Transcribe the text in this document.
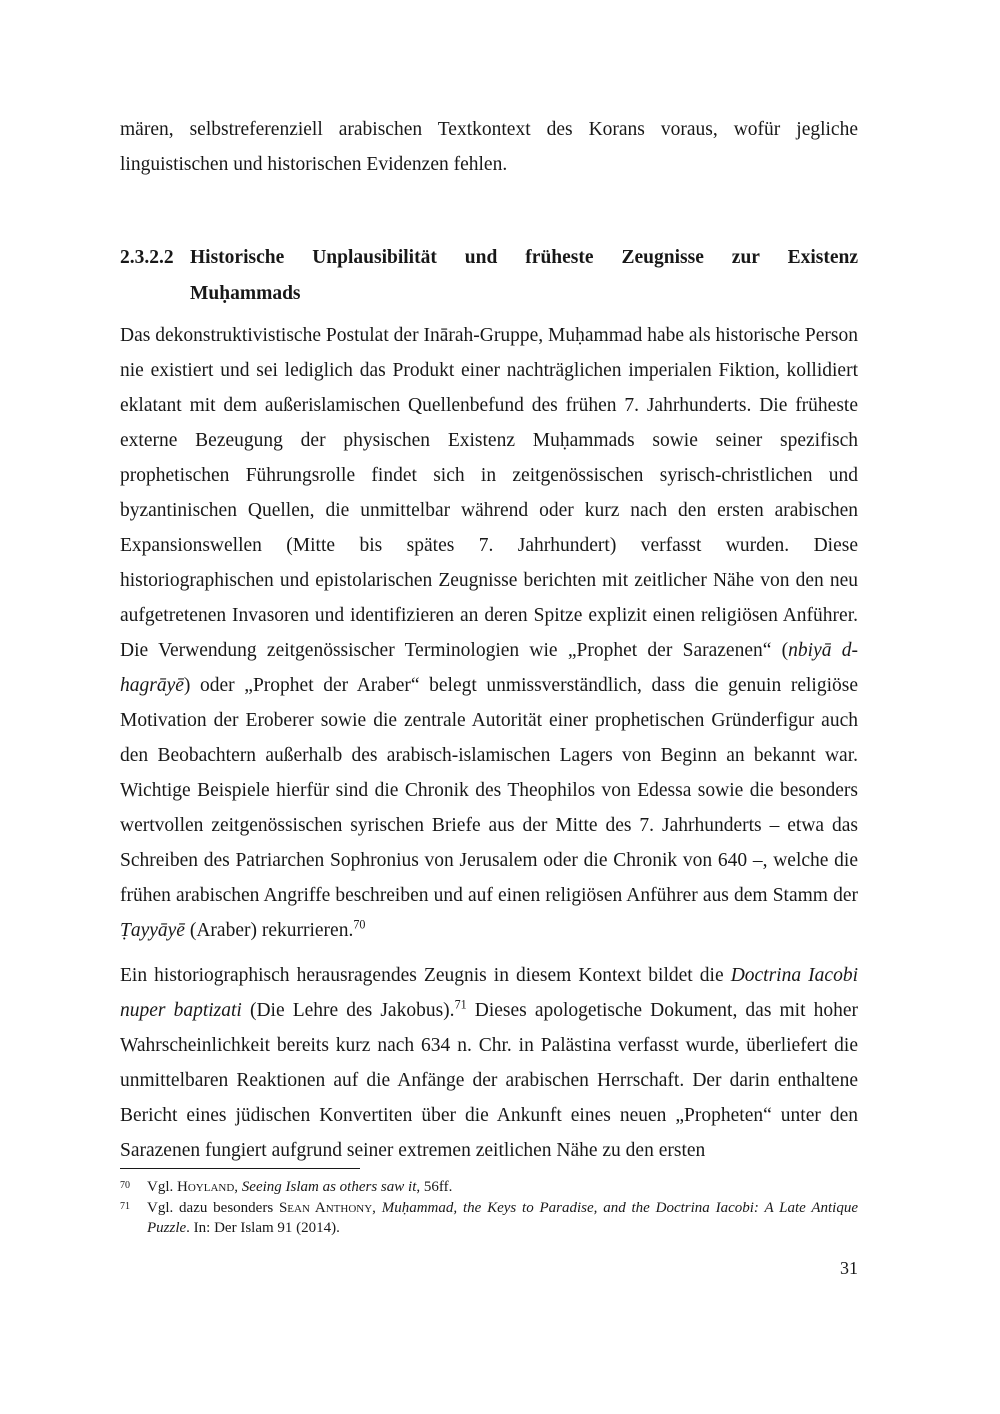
mären, selbstreferenziell arabischen Textkontext des Korans voraus, wofür jegliche linguistischen und historischen Evidenzen fehlen.

2.3.2.2 Historische Unplausibilität und früheste Zeugnisse zur Existenz
Muḥammads

Das dekonstruktivistische Postulat der Inārah-Gruppe, Muḥammad habe als historische Person nie existiert und sei lediglich das Produkt einer nachträglichen imperialen Fiktion, kollidiert eklatant mit dem außerislamischen Quellenbefund des frühen 7. Jahrhunderts. Die früheste externe Bezeugung der physischen Existenz Muḥammads sowie seiner spezifisch prophetischen Führungsrolle findet sich in zeitgenössischen syrisch-christlichen und byzantinischen Quellen, die unmittelbar während oder kurz nach den ersten arabischen Expansionswellen (Mitte bis spätes 7. Jahrhundert) verfasst wurden. Diese historiographischen und epistolarischen Zeugnisse berichten mit zeitlicher Nähe von den neu aufgetretenen Invasoren und identifizieren an deren Spitze explizit einen religiösen Anführer. Die Verwendung zeitgenössischer Terminologien wie „Prophet der Sarazenen“ (nbiyā d-hagrāyē) oder „Prophet der Araber“ belegt unmissverständlich, dass die genuin religiöse Motivation der Eroberer sowie die zentrale Autorität einer prophetischen Gründerfigur auch den Beobachtern außerhalb des arabisch-islamischen Lagers von Beginn an bekannt war. Wichtige Beispiele hierfür sind die Chronik des Theophilos von Edessa sowie die besonders wertvollen zeitgenössischen syrischen Briefe aus der Mitte des 7. Jahrhunderts – etwa das Schreiben des Patriarchen Sophronius von Jerusalem oder die Chronik von 640 –, welche die frühen arabischen Angriffe beschreiben und auf einen religiösen Anführer aus dem Stamm der Ṭayyāyē (Araber) rekurrieren.$^{70}$

Ein historiographisch herausragendes Zeugnis in diesem Kontext bildet die Doctrina Iacobi nuper baptizati (Die Lehre des Jakobus).$^{71}$ Dieses apologetische Dokument, das mit hoher Wahrscheinlichkeit bereits kurz nach 634 n. Chr. in Palästina verfasst wurde, überliefert die unmittelbaren Reaktionen auf die Anfänge der arabischen Herrschaft. Der darin enthaltene Bericht eines jüdischen Konvertiten über die Ankunft eines neuen „Propheten“ unter den Sarazenen fungiert aufgrund seiner extremen zeitlichen Nähe zu den ersten

70 Vgl. Hoyland, Seeing Islam as others saw it, 56ff.

71 Vgl. dazu besonders Sean Anthony, Muḥammad, the Keys to Paradise, and the Doctrina Iacobi: A Late Antique Puzzle. In: Der Islam 91 (2014).

31
